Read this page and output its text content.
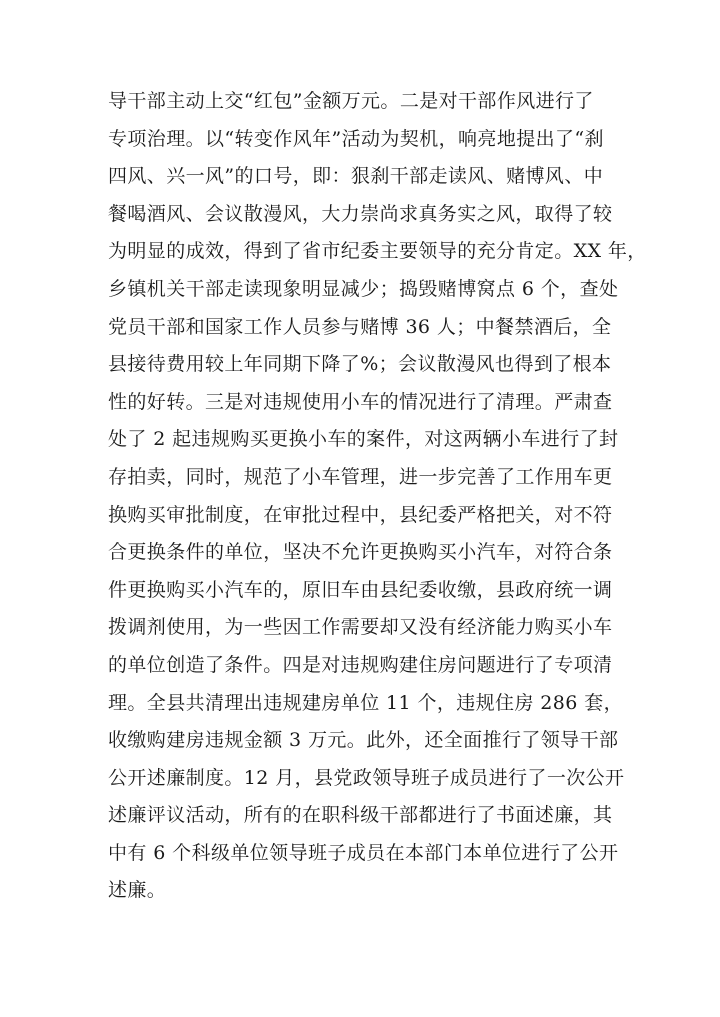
导干部主动上交“红包”金额万元。二是对干部作风进行了
专项治理。以“转变作风年”活动为契机，响亮地提出了“刹
四风、兴一风”的口号，即：狠刹干部走读风、赌博风、中
餐喝酒风、会议散漫风，大力崇尚求真务实之风，取得了较
为明显的成效，得到了省市纪委主要领导的充分肯定。XX 年，
乡镇机关干部走读现象明显减少；捣毁赌博窝点 6 个，查处
党员干部和国家工作人员参与赌博 36 人；中餐禁酒后，全
县接待费用较上年同期下降了%；会议散漫风也得到了根本
性的好转。三是对违规使用小车的情况进行了清理。严肃查
处了 2 起违规购买更换小车的案件，对这两辆小车进行了封
存拍卖，同时，规范了小车管理，进一步完善了工作用车更
换购买审批制度，在审批过程中，县纪委严格把关，对不符
合更换条件的单位，坚决不允许更换购买小汽车，对符合条
件更换购买小汽车的，原旧车由县纪委收缴，县政府统一调
拨调剂使用，为一些因工作需要却又没有经济能力购买小车
的单位创造了条件。四是对违规购建住房问题进行了专项清
理。全县共清理出违规建房单位 11 个，违规住房 286 套，
收缴购建房违规金额 3 万元。此外，还全面推行了领导干部
公开述廉制度。12 月，县党政领导班子成员进行了一次公开
述廉评议活动，所有的在职科级干部都进行了书面述廉，其
中有 6 个科级单位领导班子成员在本部门本单位进行了公开
述廉。
